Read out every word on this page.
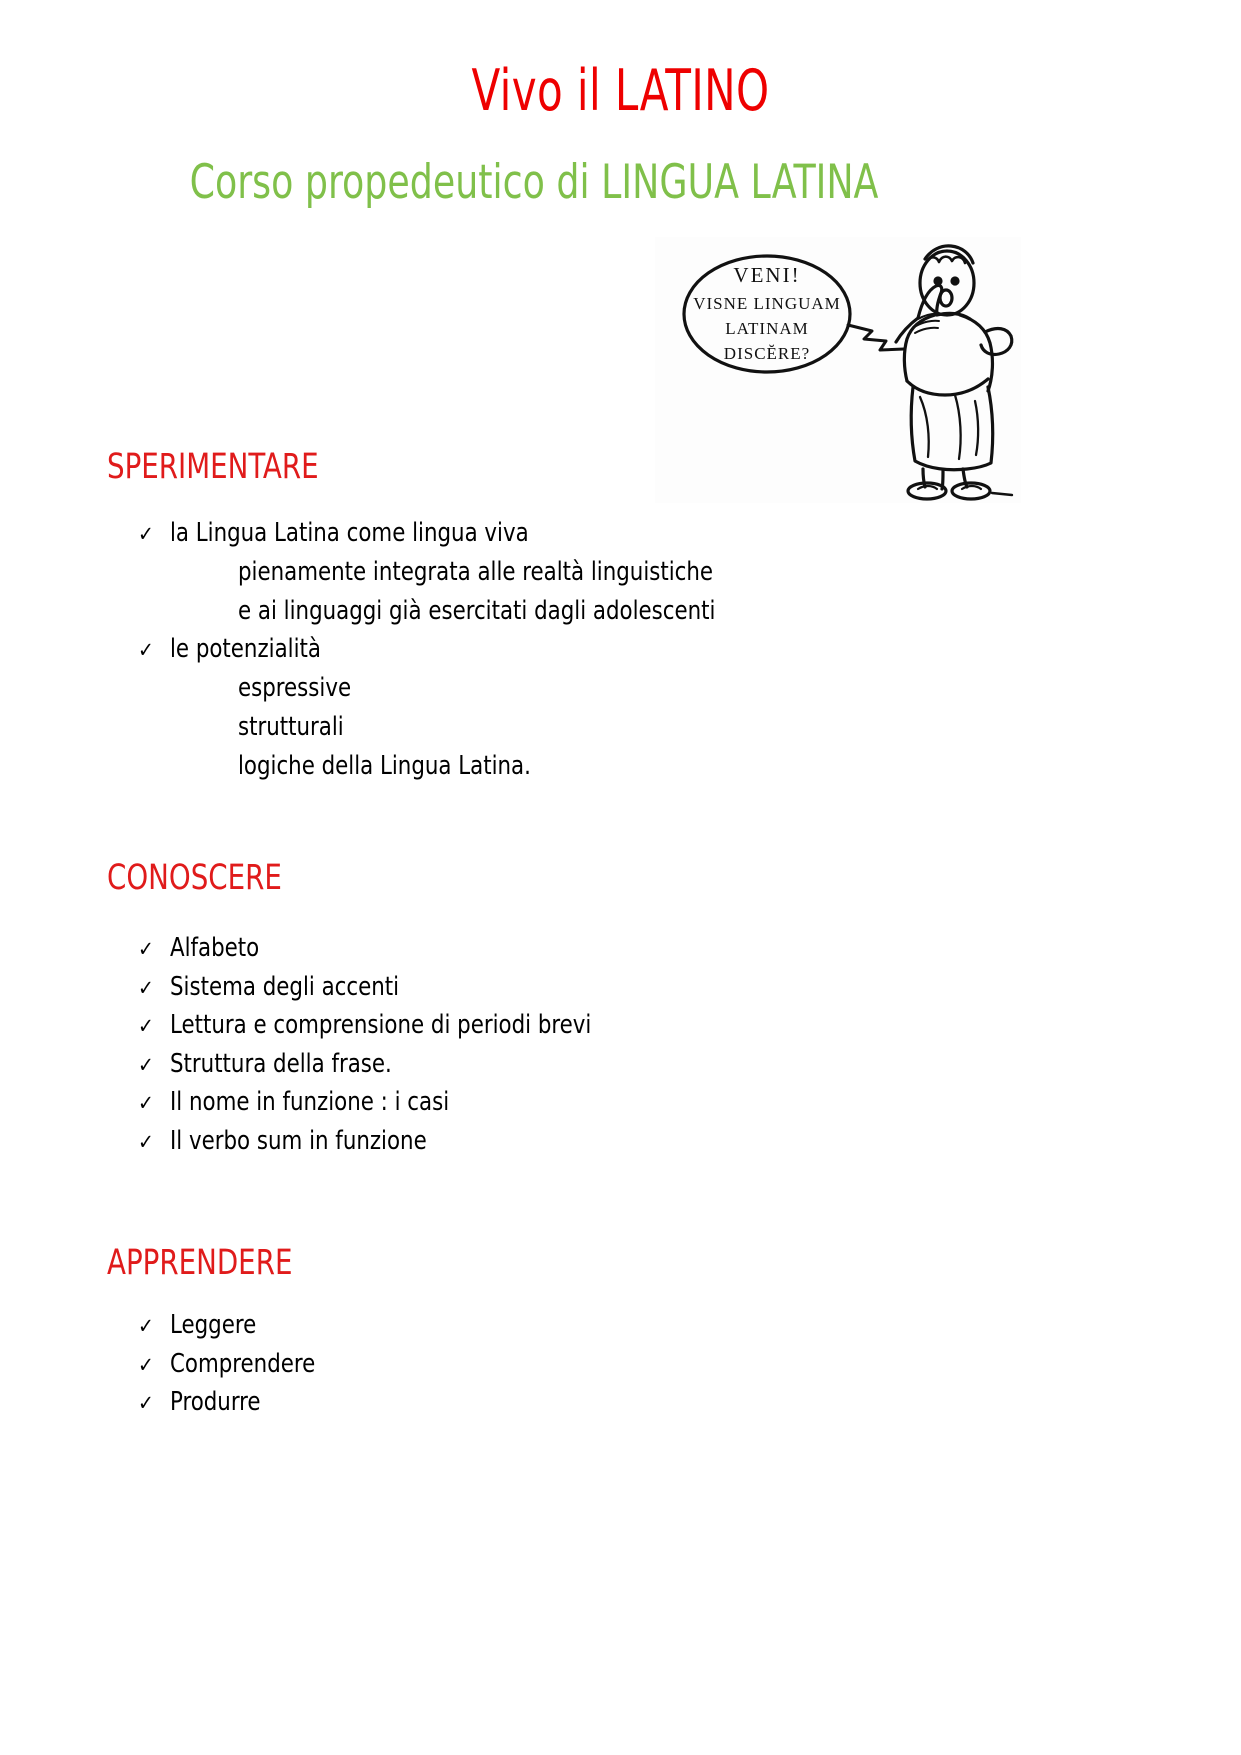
Vivo il LATINO
Corso propedeutico di LINGUA LATINA
VENI!
VISNE LINGUAM
LATINAM
DISCĔRE?
SPERIMENTARE
✓ la Lingua Latina come lingua viva
pienamente integrata alle realtà linguistiche
e ai linguaggi già esercitati dagli adolescenti
✓ le potenzialità
espressive
strutturali
logiche della Lingua Latina.
CONOSCERE
✓ Alfabeto
✓ Sistema degli accenti
✓ Lettura e comprensione di periodi brevi
✓ Struttura della frase.
✓ Il nome in funzione : i casi
✓ Il verbo sum in funzione
APPRENDERE
✓ Leggere
✓ Comprendere
✓ Produrre
